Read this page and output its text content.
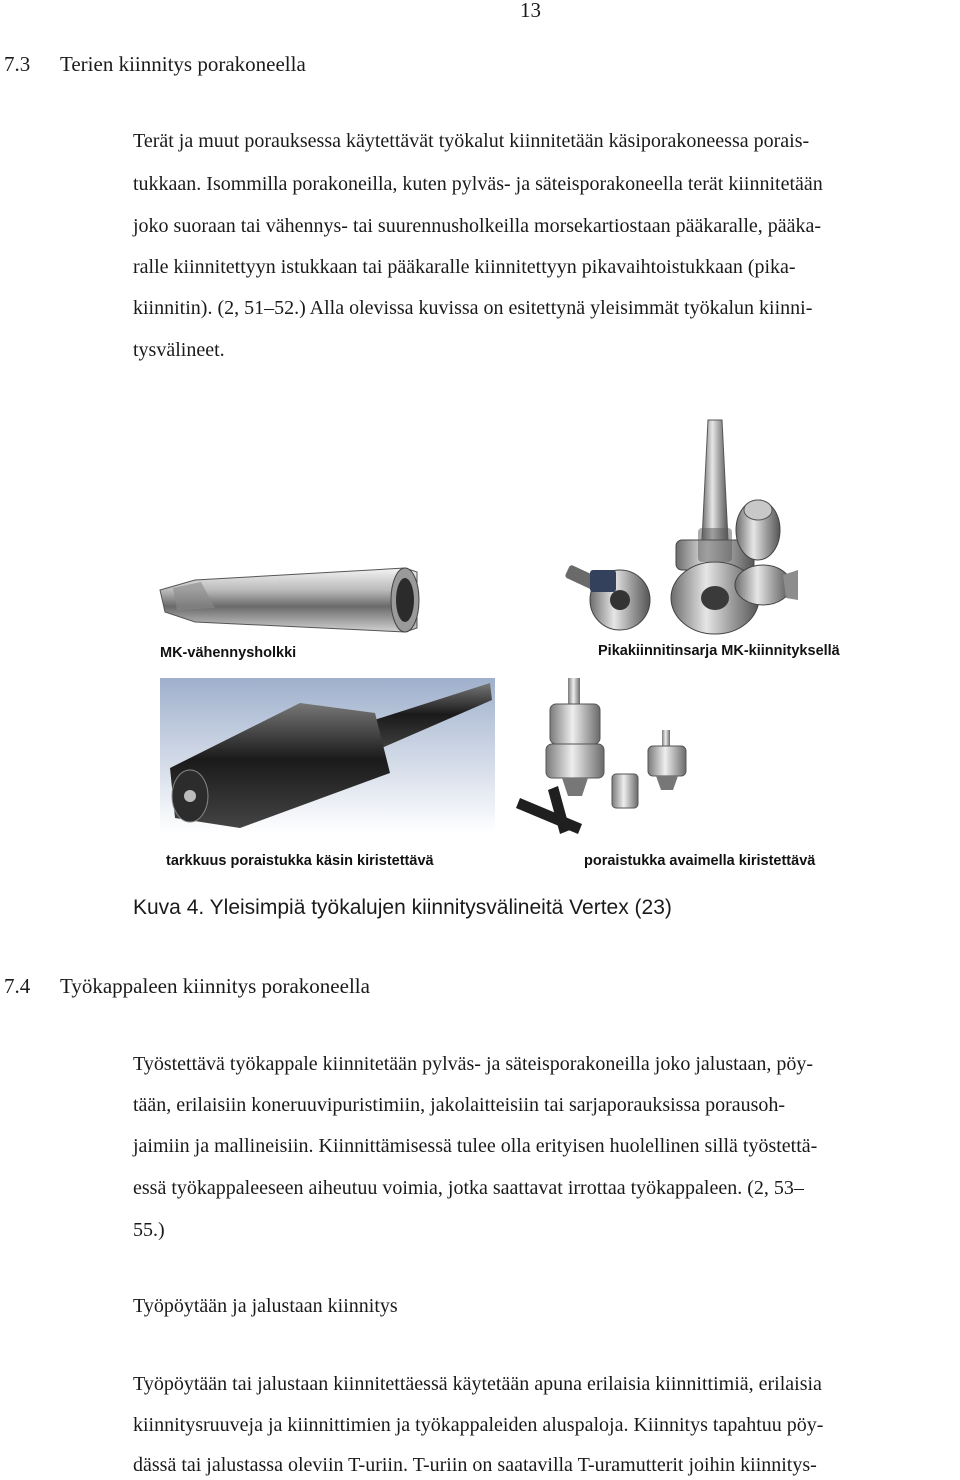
13
7.3 Terien kiinnitys porakoneella
Terät ja muut porauksessa käytettävät työkalut kiinnitetään käsiporakoneessa porais-
tukkaan. Isommilla porakoneilla, kuten pylväs- ja säteisporakoneella terät kiinnitetään
joko suoraan tai vähennys- tai suurennusholkeilla morsekartiostaan pääkaralle, pääka-
ralle kiinnitettyyn istukkaan tai pääkaralle kiinnitettyyn pikavaihtoistukkaan (pika-
kiinnitin). (2, 51–52.) Alla olevissa kuvissa on esitettynä yleisimmät työkalun kiinni-
tysvälineet.
MK-vähennysholkki	Pikakiinnitinsarja MK-kiinnityksellä
tarkkuus poraistukka käsin kiristettävä	poraistukka avaimella kiristettävä
Kuva 4. Yleisimpiä työkalujen kiinnitysvälineitä Vertex (23)
7.4 Työkappaleen kiinnitys porakoneella
Työstettävä työkappale kiinnitetään pylväs- ja säteisporakoneilla joko jalustaan, pöy-
tään, erilaisiin koneruuvipuristimiin, jakolaitteisiin tai sarjaporauksissa porausoh-
jaimiin ja mallineisiin. Kiinnittämisessä tulee olla erityisen huolellinen sillä työstettä-
essä työkappaleeseen aiheutuu voimia, jotka saattavat irrottaa työkappaleen. (2, 53–
55.)
Työpöytään ja jalustaan kiinnitys
Työpöytään tai jalustaan kiinnitettäessä käytetään apuna erilaisia kiinnittimiä, erilaisia
kiinnitysruuveja ja kiinnittimien ja työkappaleiden aluspaloja. Kiinnitys tapahtuu pöy-
dässä tai jalustassa oleviin T-uriin. T-uriin on saatavilla T-uramutterit joihin kiinnitys-
